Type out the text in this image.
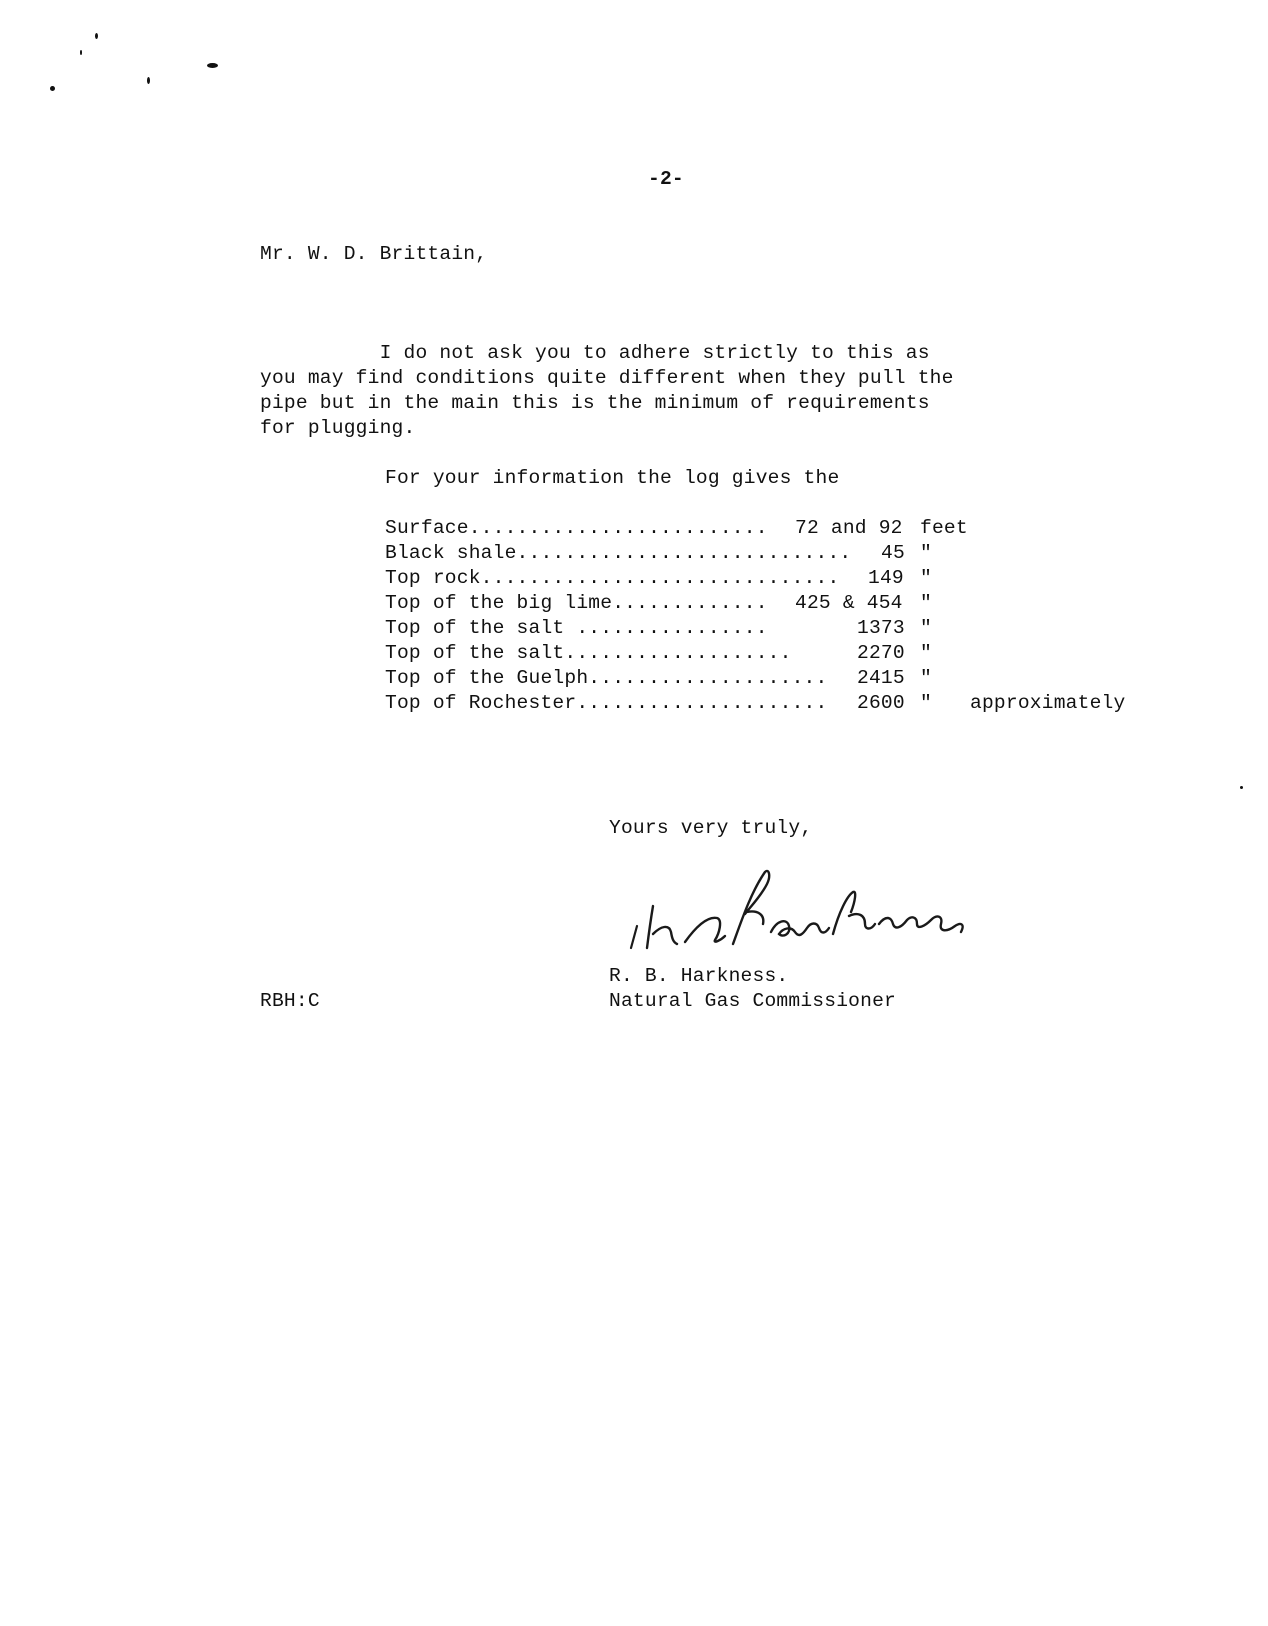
-2-
Mr. W. D. Brittain,
I do not ask you to adhere strictly to this as
you may find conditions quite different when they pull the
pipe but in the main this is the minimum of requirements
for plugging.
For your information the log gives the
Surface......................... 72 and 92 feet
Black shale............................ 45 "
Top rock.............................. 149 "
Top of the big lime............. 425 & 454 "
Top of the salt ................	1373 "
Top of the salt...................	2270 "
Top of the Guelph.................... 2415 "
Top of Rochester..................... 2600 " approximately
Yours very truly,
R. B. Harkness.
Natural Gas Commissioner
RBH:C
